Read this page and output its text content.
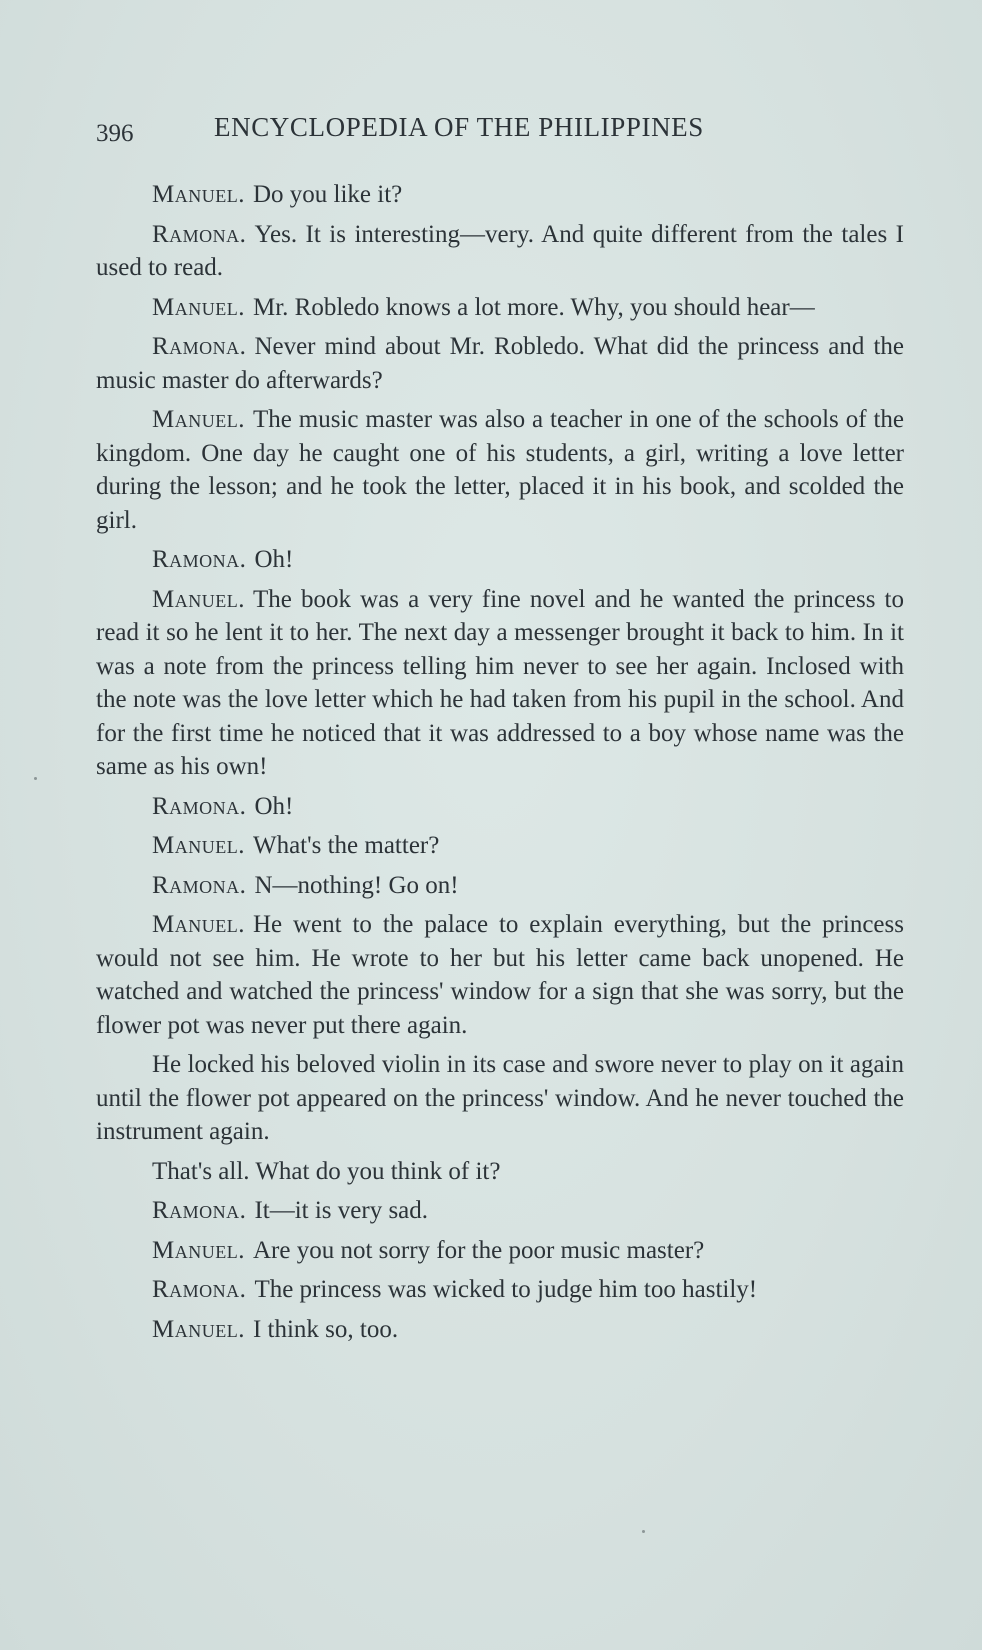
396	ENCYCLOPEDIA OF THE PHILIPPINES

Manuel. Do you like it?

Ramona. Yes. It is interesting—very. And quite different from the tales I used to read.

Manuel. Mr. Robledo knows a lot more. Why, you should hear—

Ramona. Never mind about Mr. Robledo. What did the princess and the music master do afterwards?

Manuel. The music master was also a teacher in one of the schools of the kingdom. One day he caught one of his students, a girl, writing a love letter during the lesson; and he took the letter, placed it in his book, and scolded the girl.

Ramona. Oh!

Manuel. The book was a very fine novel and he wanted the princess to read it so he lent it to her. The next day a messenger brought it back to him. In it was a note from the princess telling him never to see her again. Inclosed with the note was the love letter which he had taken from his pupil in the school. And for the first time he noticed that it was addressed to a boy whose name was the same as his own!

Ramona. Oh!

Manuel. What's the matter?

Ramona. N—nothing! Go on!

Manuel. He went to the palace to explain everything, but the princess would not see him. He wrote to her but his letter came back unopened. He watched and watched the princess' window for a sign that she was sorry, but the flower pot was never put there again.

He locked his beloved violin in its case and swore never to play on it again until the flower pot appeared on the princess' window. And he never touched the instrument again.

That's all. What do you think of it?

Ramona. It—it is very sad.

Manuel. Are you not sorry for the poor music master?

Ramona. The princess was wicked to judge him too hastily!

Manuel. I think so, too.
